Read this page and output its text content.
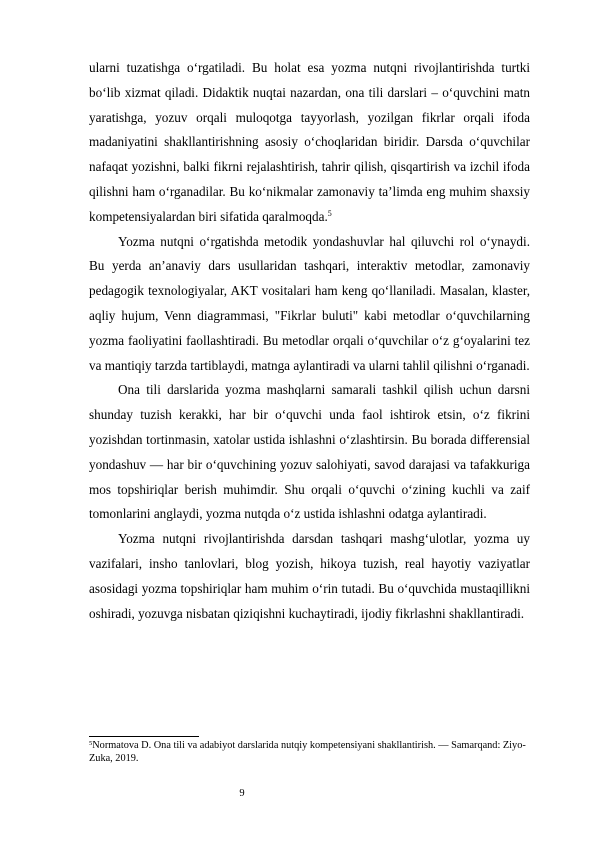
ularni tuzatishga o‘rgatiladi. Bu holat esa yozma nutqni rivojlantirishda turtki bo‘lib xizmat qiladi. Didaktik nuqtai nazardan, ona tili darslari – o‘quvchini matn yaratishga, yozuv orqali muloqotga tayyorlash, yozilgan fikrlar orqali ifoda madaniyatini shakllantirishning asosiy o‘choqlaridan biridir. Darsda o‘quvchilar nafaqat yozishni, balki fikrni rejalashtirish, tahrir qilish, qisqartirish va izchil ifoda qilishni ham o‘rganadilar. Bu ko‘nikmalar zamonaviy ta’limda eng muhim shaxsiy kompetensiyalardan biri sifatida qaralmoqda.$^5$

Yozma nutqni o‘rgatishda metodik yondashuvlar hal qiluvchi rol o‘ynaydi. Bu yerda an’anaviy dars usullaridan tashqari, interaktiv metodlar, zamonaviy pedagogik texnologiyalar, AKT vositalari ham keng qo‘llaniladi. Masalan, klaster, aqliy hujum, Venn diagrammasi, "Fikrlar buluti" kabi metodlar o‘quvchilarning yozma faoliyatini faollashtiradi. Bu metodlar orqali o‘quvchilar o‘z g‘oyalarini tez va mantiqiy tarzda tartiblaydi, matnga aylantiradi va ularni tahlil qilishni o‘rganadi.

Ona tili darslarida yozma mashqlarni samarali tashkil qilish uchun darsni shunday tuzish kerakki, har bir o‘quvchi unda faol ishtirok etsin, o‘z fikrini yozishdan tortinmasin, xatolar ustida ishlashni o‘zlashtirsin. Bu borada differensial yondashuv — har bir o‘quvchining yozuv salohiyati, savod darajasi va tafakkuriga mos topshiriqlar berish muhimdir. Shu orqali o‘quvchi o‘zining kuchli va zaif tomonlarini anglaydi, yozma nutqda o‘z ustida ishlashni odatga aylantiradi.

Yozma nutqni rivojlantirishda darsdan tashqari mashg‘ulotlar, yozma uy vazifalari, insho tanlovlari, blog yozish, hikoya tuzish, real hayotiy vaziyatlar asosidagi yozma topshiriqlar ham muhim o‘rin tutadi. Bu o‘quvchida mustaqillikni oshiradi, yozuvga nisbatan qiziqishni kuchaytiradi, ijodiy fikrlashni shakllantiradi.

$^5$Normatova D. Ona tili va adabiyot darslarida nutqiy kompetensiyani shakllantirish. — Samarqand: Ziyo-Zuka, 2019.
9
